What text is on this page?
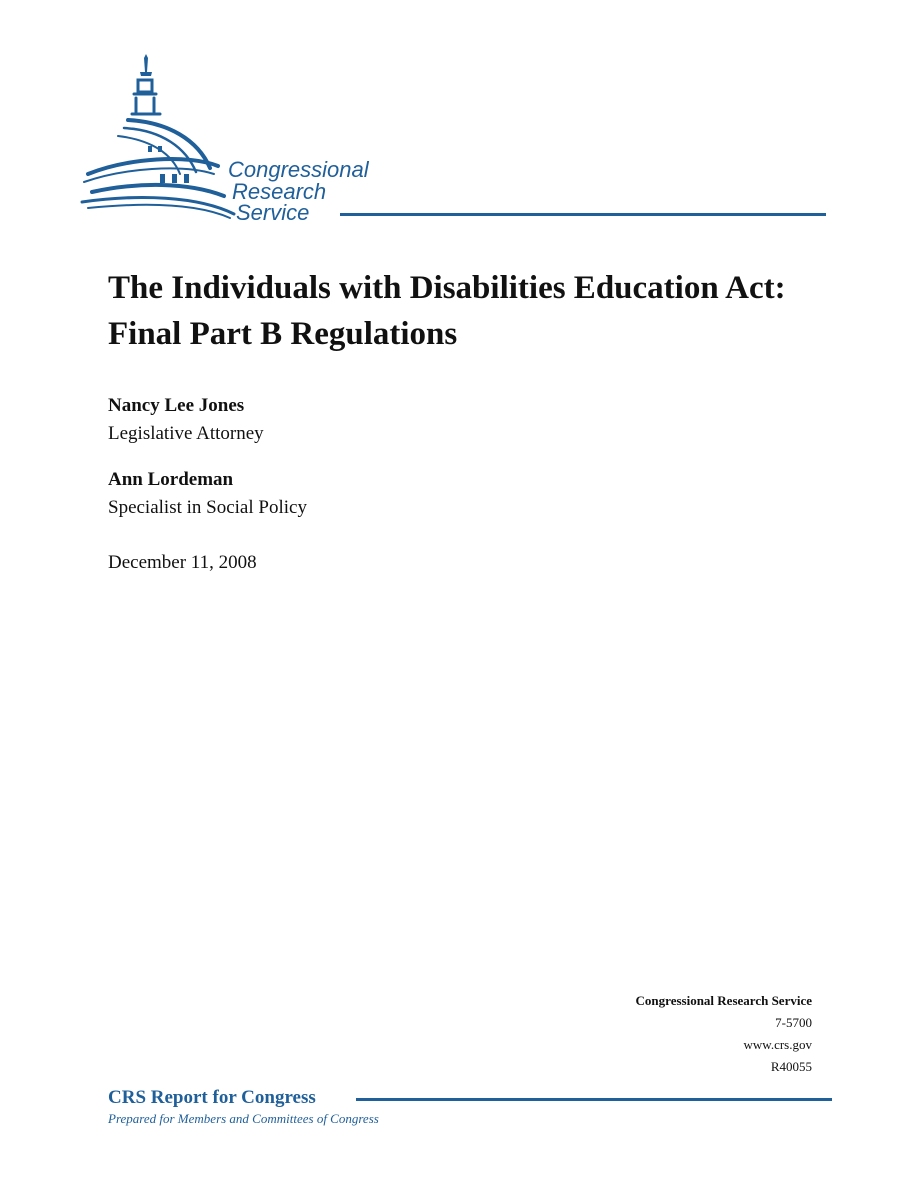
Congressional
Research
Service
The Individuals with Disabilities Education Act: Final Part B Regulations
Nancy Lee Jones
Legislative Attorney
Ann Lordeman
Specialist in Social Policy
December 11, 2008
Congressional Research Service
7-5700
www.crs.gov
R40055
CRS Report for Congress
Prepared for Members and Committees of Congress
